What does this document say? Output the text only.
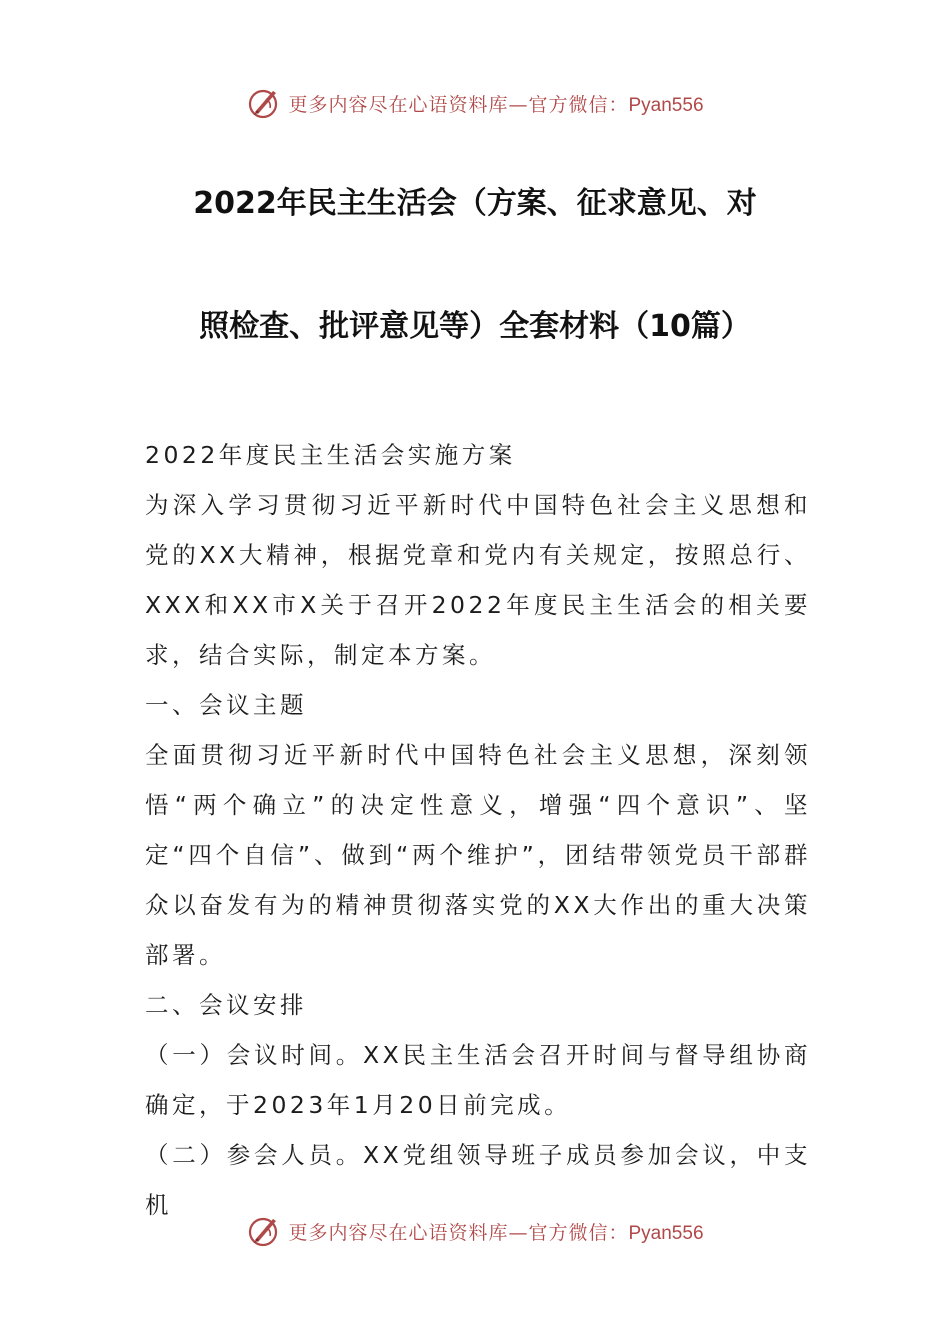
更多内容尽在心语资料库—官方微信：Pyan556
2022年民主生活会（方案、征求意见、对
照检查、批评意见等）全套材料（10篇）

2022年度民主生活会实施方案

为深入学习贯彻习近平新时代中国特色社会主义思想和党的XX大精神，根据党章和党内有关规定，按照总行、XXX和XX市X关于召开2022年度民主生活会的相关要求，结合实际，制定本方案。

一、会议主题

全面贯彻习近平新时代中国特色社会主义思想，深刻领悟“两个确立”的决定性意义，增强“四个意识”、坚定“四个自信”、做到“两个维护”，团结带领党员干部群众以奋发有为的精神贯彻落实党的XX大作出的重大决策部署。

二、会议安排

（一）会议时间。XX民主生活会召开时间与督导组协商确定，于2023年1月20日前完成。

（二）参会人员。XX党组领导班子成员参加会议，中支机

更多内容尽在心语资料库—官方微信：Pyan556
